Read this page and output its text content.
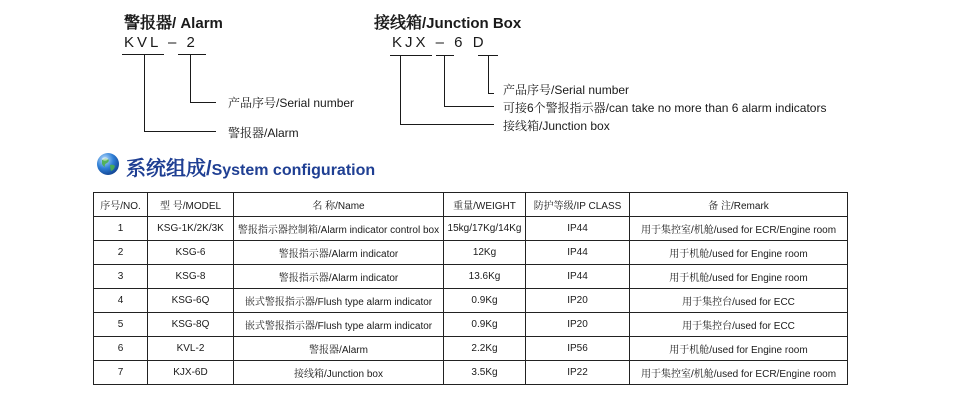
警报器/ Alarm
KVL – 2
产品序号/Serial number
警报器/Alarm
接线箱/Junction Box
KJX – 6 D
产品序号/Serial number
可接6个警报指示器/can take no more than 6 alarm indicators
接线箱/Junction box
系统组成/System configuration
序号/NO.	型 号/MODEL	名 称/Name	重量/WEIGHT	防护等级/IP CLASS	备 注/Remark
1	KSG-1K/2K/3K	警报指示器控制箱/Alarm indicator control box	15kg/17Kg/14Kg	IP44	用于集控室/机舱/used for ECR/Engine room
2	KSG-6	警报指示器/Alarm indicator	12Kg	IP44	用于机舱/used for Engine room
3	KSG-8	警报指示器/Alarm indicator	13.6Kg	IP44	用于机舱/used for Engine room
4	KSG-6Q	嵌式警报指示器/Flush type alarm indicator	0.9Kg	IP20	用于集控台/used for ECC
5	KSG-8Q	嵌式警报指示器/Flush type alarm indicator	0.9Kg	IP20	用于集控台/used for ECC
6	KVL-2	警报器/Alarm	2.2Kg	IP56	用于机舱/used for Engine room
7	KJX-6D	接线箱/Junction box	3.5Kg	IP22	用于集控室/机舱/used for ECR/Engine room
